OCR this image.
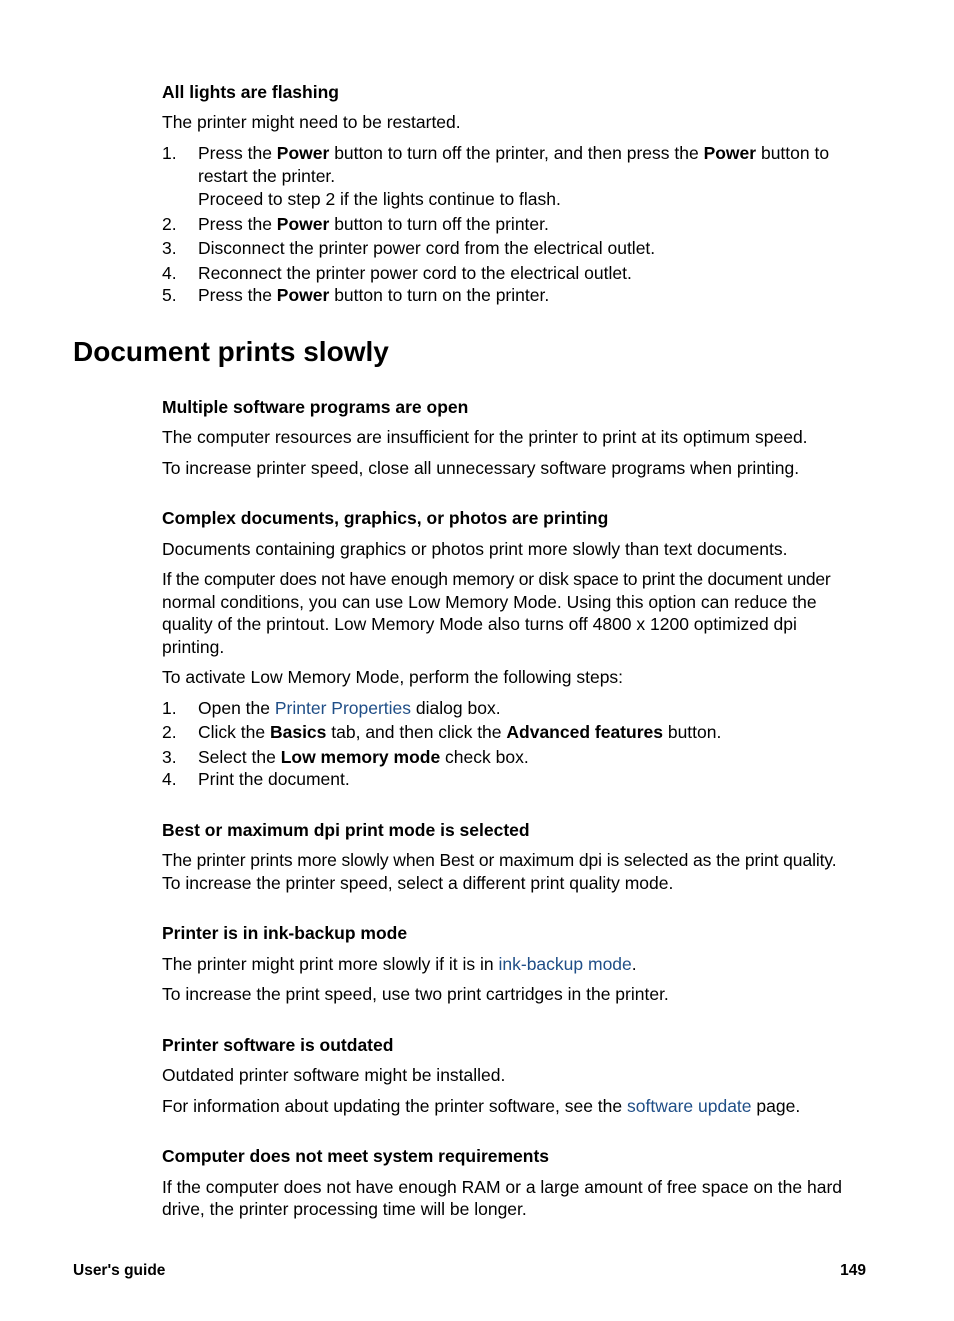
All lights are flashing
The printer might need to be restarted.
1.	Press the Power button to turn off the printer, and then press the Power button to restart the printer.
Proceed to step 2 if the lights continue to flash.
2.	Press the Power button to turn off the printer.
3.	Disconnect the printer power cord from the electrical outlet.
4.	Reconnect the printer power cord to the electrical outlet.
5.	Press the Power button to turn on the printer.
Document prints slowly
Multiple software programs are open
The computer resources are insufficient for the printer to print at its optimum speed.
To increase printer speed, close all unnecessary software programs when printing.
Complex documents, graphics, or photos are printing
Documents containing graphics or photos print more slowly than text documents.
If the computer does not have enough memory or disk space to print the document under
normal conditions, you can use Low Memory Mode. Using this option can reduce the
quality of the printout. Low Memory Mode also turns off 4800 x 1200 optimized dpi
printing.
To activate Low Memory Mode, perform the following steps:
1.	Open the Printer Properties dialog box.
2.	Click the Basics tab, and then click the Advanced features button.
3.	Select the Low memory mode check box.
4.	Print the document.
Best or maximum dpi print mode is selected
The printer prints more slowly when Best or maximum dpi is selected as the print quality.
To increase the printer speed, select a different print quality mode.
Printer is in ink-backup mode
The printer might print more slowly if it is in ink-backup mode.
To increase the print speed, use two print cartridges in the printer.
Printer software is outdated
Outdated printer software might be installed.
For information about updating the printer software, see the software update page.
Computer does not meet system requirements
If the computer does not have enough RAM or a large amount of free space on the hard
drive, the printer processing time will be longer.
User's guide	149
